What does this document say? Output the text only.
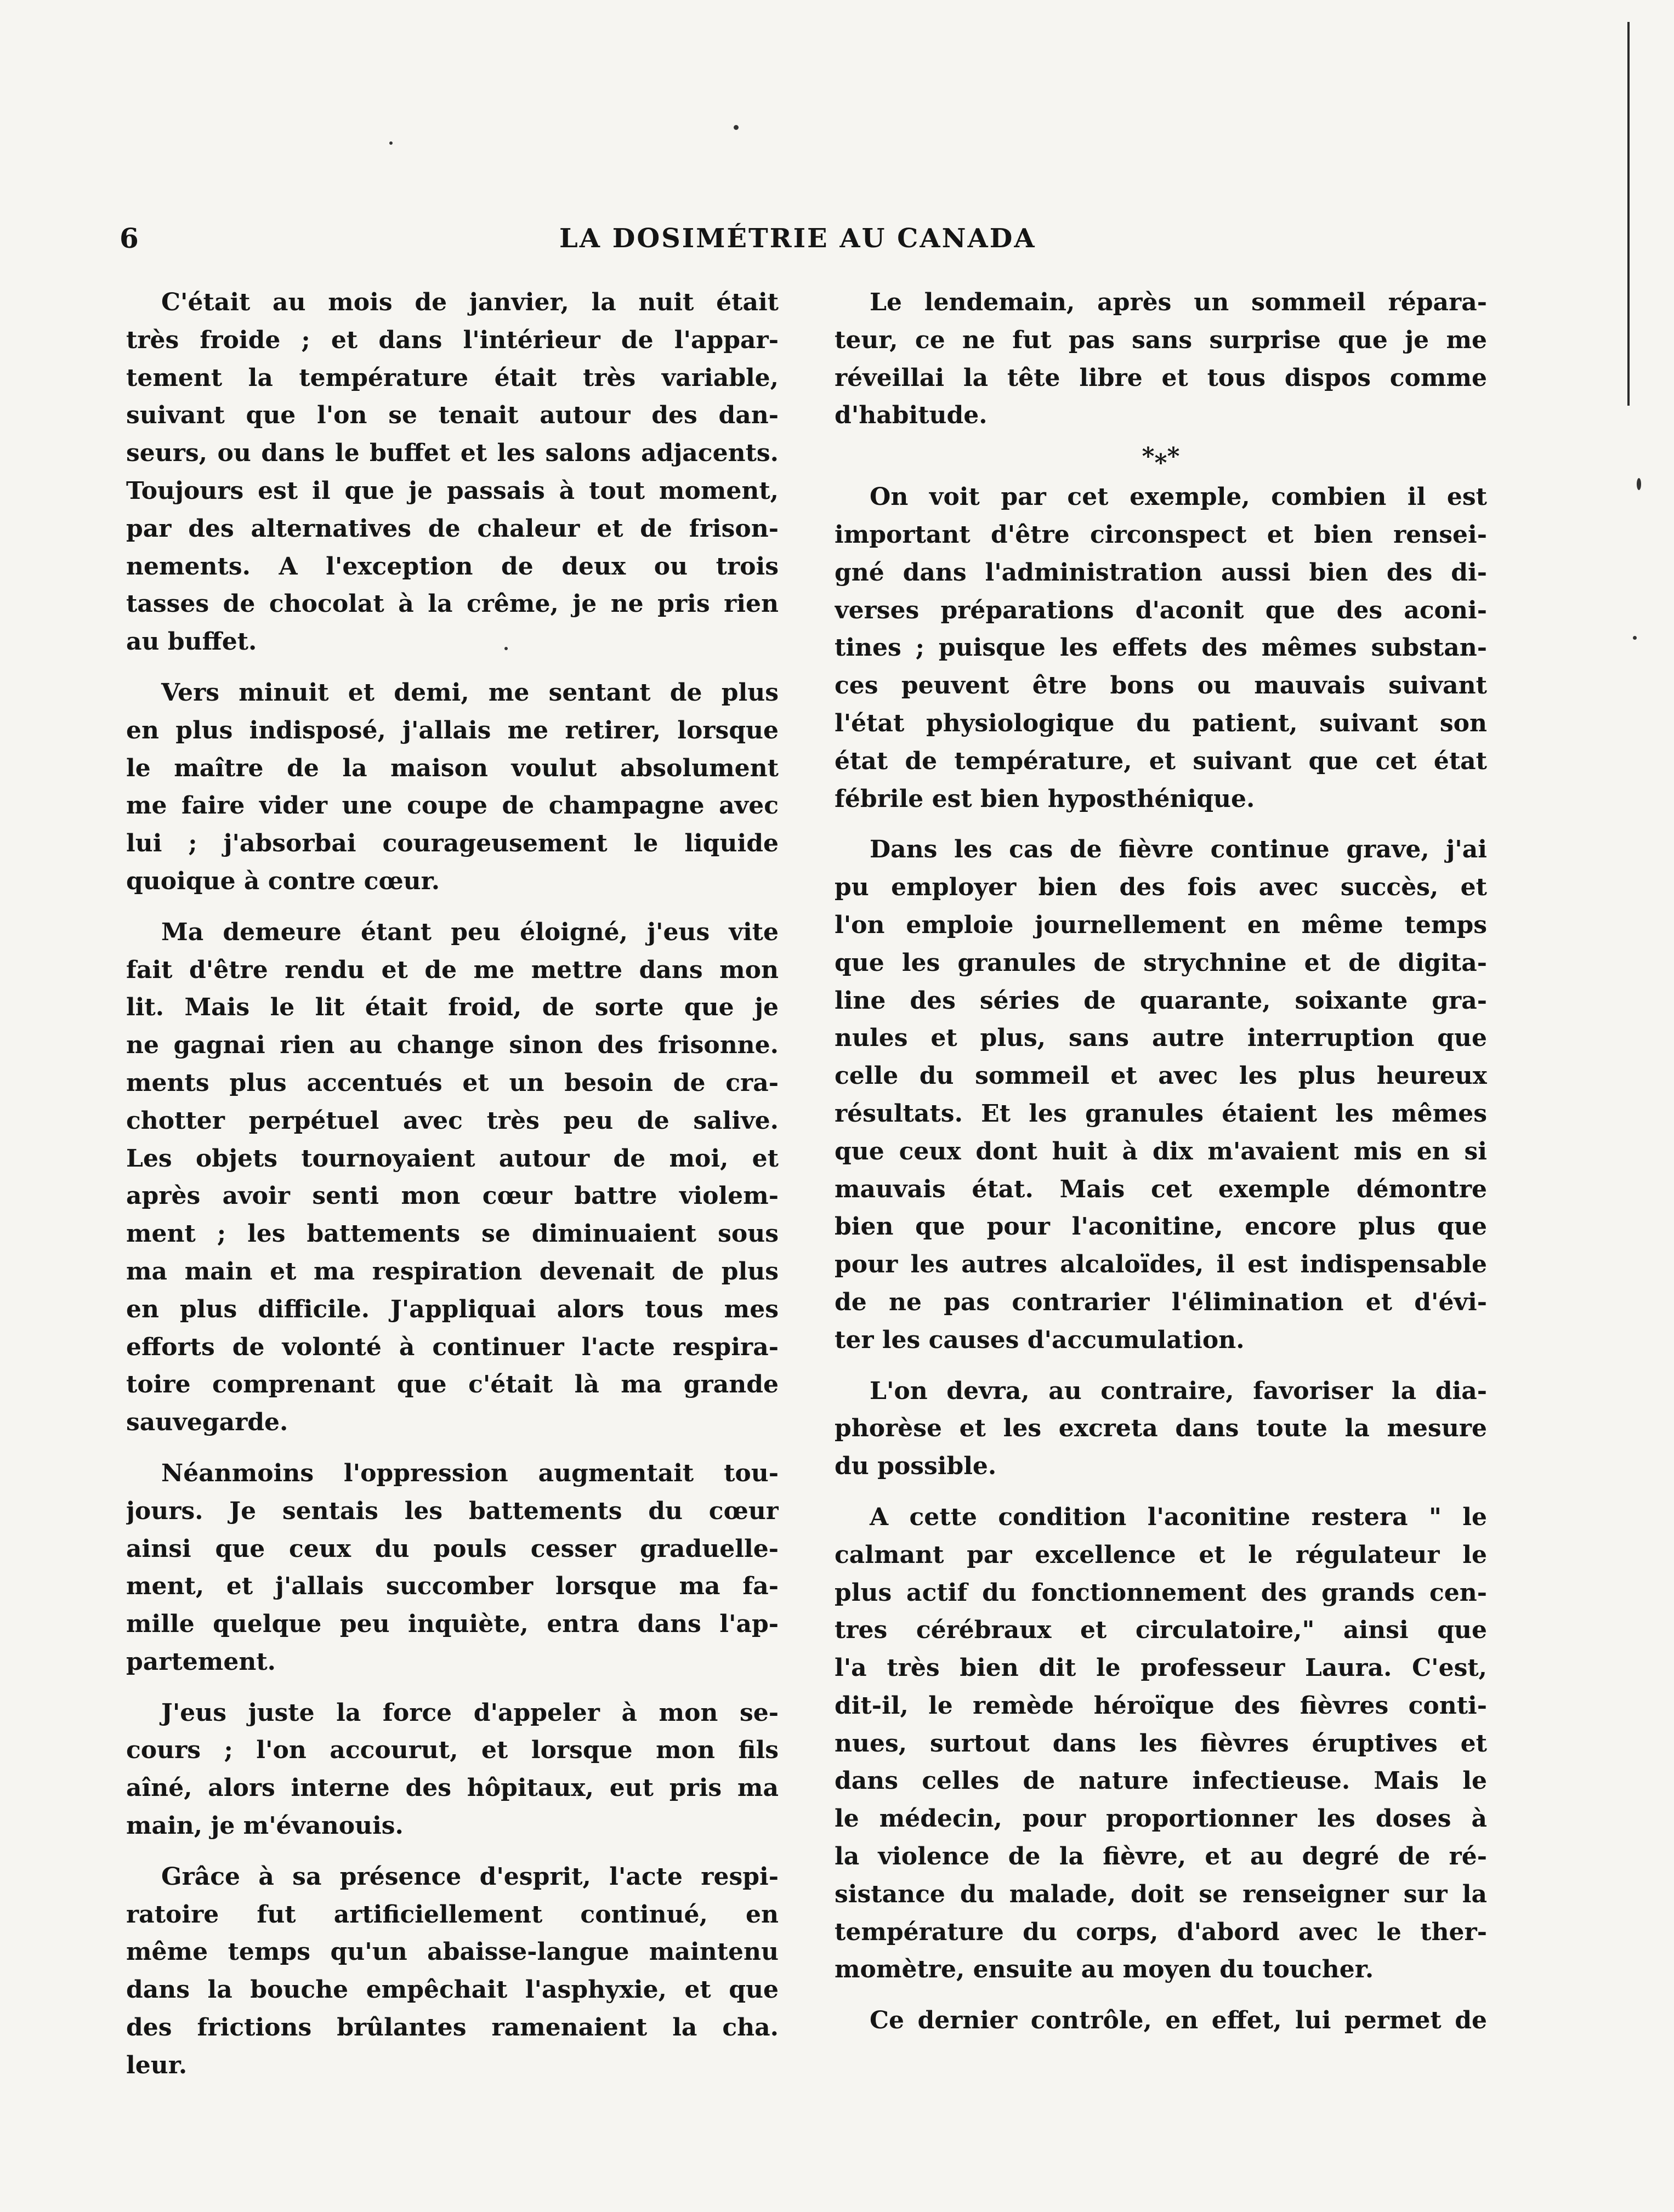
6	LA DOSIMÉTRIE AU CANADA
C'était au mois de janvier, la nuit était
très froide ; et dans l'intérieur de l'appar-
tement la température était très variable,
suivant que l'on se tenait autour des dan-
seurs, ou dans le buffet et les salons adjacents.
Toujours est il que je passais à tout moment,
par des alternatives de chaleur et de frison-
nements. A l'exception de deux ou trois
tasses de chocolat à la crême, je ne pris rien
au buffet.
Vers minuit et demi, me sentant de plus
en plus indisposé, j'allais me retirer, lorsque
le maître de la maison voulut absolument
me faire vider une coupe de champagne avec
lui ; j'absorbai courageusement le liquide
quoique à contre cœur.
Ma demeure étant peu éloigné, j'eus vite
fait d'être rendu et de me mettre dans mon
lit. Mais le lit était froid, de sorte que je
ne gagnai rien au change sinon des frisonne.
ments plus accentués et un besoin de cra-
chotter perpétuel avec très peu de salive.
Les objets tournoyaient autour de moi, et
après avoir senti mon cœur battre violem-
ment ; les battements se diminuaient sous
ma main et ma respiration devenait de plus
en plus difficile. J'appliquai alors tous mes
efforts de volonté à continuer l'acte respira-
toire comprenant que c'était là ma grande
sauvegarde.
Néanmoins l'oppression augmentait tou-
jours. Je sentais les battements du cœur
ainsi que ceux du pouls cesser graduelle-
ment, et j'allais succomber lorsque ma fa-
mille quelque peu inquiète, entra dans l'ap-
partement.
J'eus juste la force d'appeler à mon se-
cours ; l'on accourut, et lorsque mon fils
aîné, alors interne des hôpitaux, eut pris ma
main, je m'évanouis.
Grâce à sa présence d'esprit, l'acte respi-
ratoire fut artificiellement continué, en
même temps qu'un abaisse-langue maintenu
dans la bouche empêchait l'asphyxie, et que
des frictions brûlantes ramenaient la cha.
leur.
Le lendemain, après un sommeil répara-
teur, ce ne fut pas sans surprise que je me
réveillai la tête libre et tous dispos comme
d'habitude.
*⁎*
On voit par cet exemple, combien il est
important d'être circonspect et bien rensei-
gné dans l'administration aussi bien des di-
verses préparations d'aconit que des aconi-
tines ; puisque les effets des mêmes substan-
ces peuvent être bons ou mauvais suivant
l'état physiologique du patient, suivant son
état de température, et suivant que cet état
fébrile est bien hyposthénique.
Dans les cas de fièvre continue grave, j'ai
pu employer bien des fois avec succès, et
l'on emploie journellement en même temps
que les granules de strychnine et de digita-
line des séries de quarante, soixante gra-
nules et plus, sans autre interruption que
celle du sommeil et avec les plus heureux
résultats. Et les granules étaient les mêmes
que ceux dont huit à dix m'avaient mis en si
mauvais état. Mais cet exemple démontre
bien que pour l'aconitine, encore plus que
pour les autres alcaloïdes, il est indispensable
de ne pas contrarier l'élimination et d'évi-
ter les causes d'accumulation.
L'on devra, au contraire, favoriser la dia-
phorèse et les excreta dans toute la mesure
du possible.
A cette condition l'aconitine restera " le
calmant par excellence et le régulateur le
plus actif du fonctionnement des grands cen-
tres cérébraux et circulatoire," ainsi que
l'a très bien dit le professeur Laura. C'est,
dit-il, le remède héroïque des fièvres conti-
nues, surtout dans les fièvres éruptives et
dans celles de nature infectieuse. Mais le
le médecin, pour proportionner les doses à
la violence de la fièvre, et au degré de ré-
sistance du malade, doit se renseigner sur la
température du corps, d'abord avec le ther-
momètre, ensuite au moyen du toucher.
Ce dernier contrôle, en effet, lui permet de
